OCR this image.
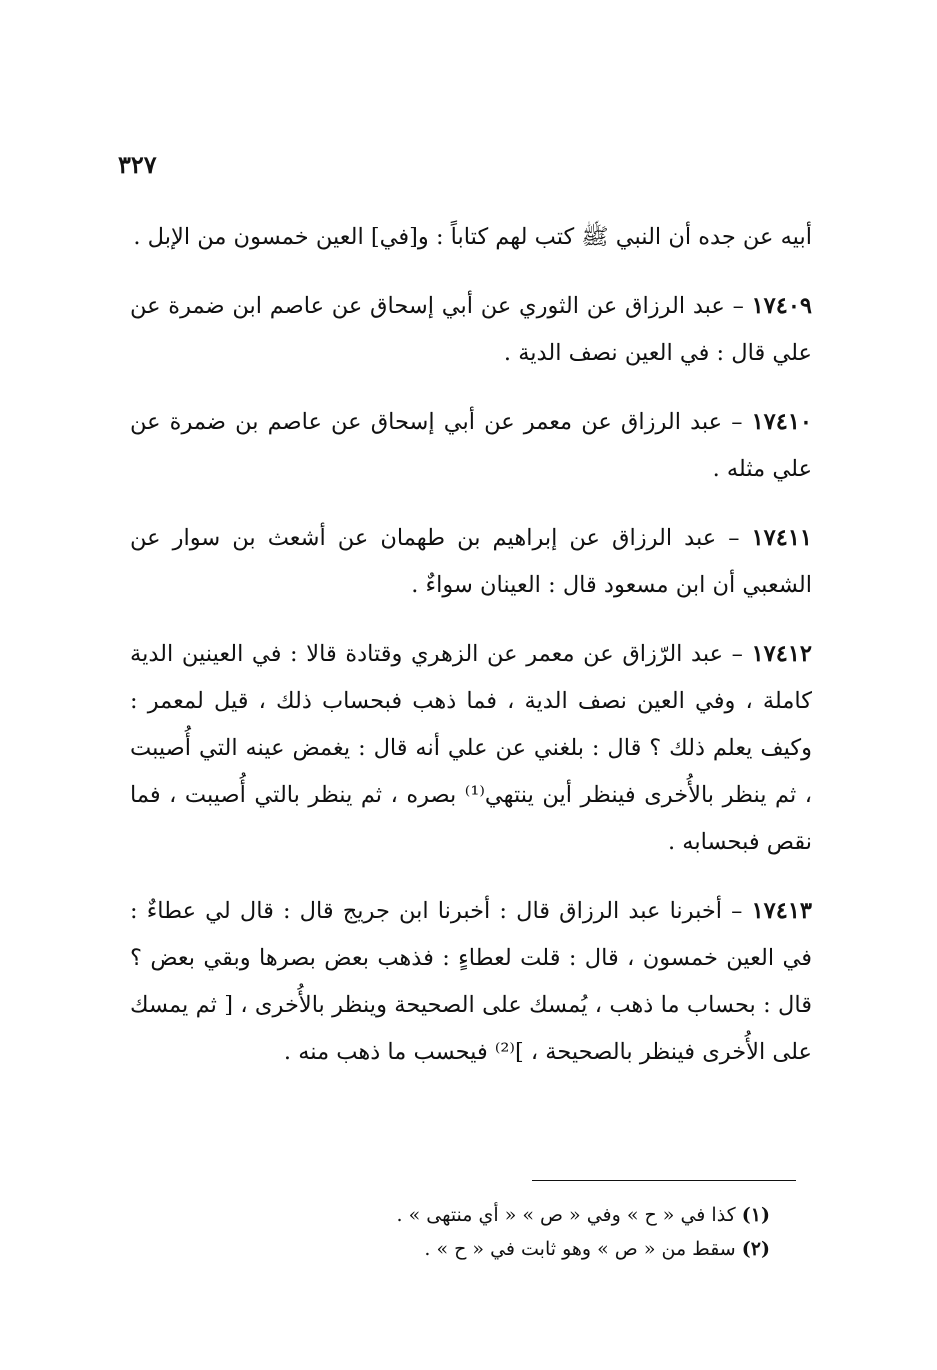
٣٢٧

أبيه عن جده أن النبي ﷺ كتب لهم كتاباً : و[في] العين خمسون من الإبل .

١٧٤٠٩ – عبد الرزاق عن الثوري عن أبي إسحاق عن عاصم ابن ضمرة عن علي قال : في العين نصف الدية .

١٧٤١٠ – عبد الرزاق عن معمر عن أبي إسحاق عن عاصم بن ضمرة عن علي مثله .

١٧٤١١ – عبد الرزاق عن إبراهيم بن طهمان عن أشعث بن سوار عن الشعبي أن ابن مسعود قال : العينان سواءٌ .

١٧٤١٢ – عبد الرّزاق عن معمر عن الزهري وقتادة قالا : في العينين الدية كاملة ، وفي العين نصف الدية ، فما ذهب فبحساب ذلك ، قيل لمعمر : وكيف يعلم ذلك ؟ قال : بلغني عن علي أنه قال : يغمض عينه التي أُصيبت ، ثم ينظر بالأُخرى فينظر أين ينتهي⁽¹⁾ بصره ، ثم ينظر بالتي أُصيبت ، فما نقص فبحسابه .

١٧٤١٣ – أخبرنا عبد الرزاق قال : أخبرنا ابن جريج قال : قال لي عطاءٌ : في العين خمسون ، قال : قلت لعطاءٍ : فذهب بعض بصرها وبقي بعض ؟ قال : بحساب ما ذهب ، يُمسك على الصحيحة وينظر بالأُخرى ، [ ثم يمسك على الأُخرى فينظر بالصحيحة ، ]⁽²⁾ فيحسب ما ذهب منه .

(١) كذا في « ح » وفي « ص » « أي منتهى » .

(٢) سقط من « ص » وهو ثابت في « ح » .
